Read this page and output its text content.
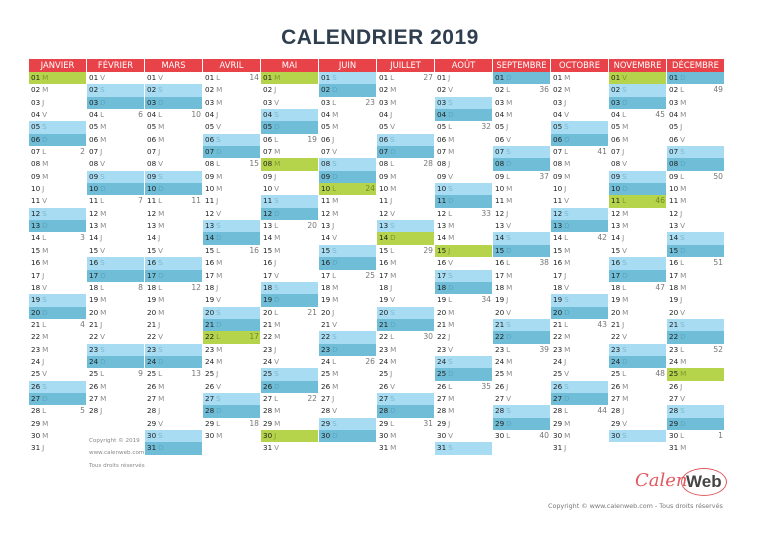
CALENDRIER 2019
JANVIER
01 M
02 M
03 J
04 V
05 S
06 D
07 L	2
08 M
09 M
10 J
11 V
12 S
13 D
14 L	3
15 M
16 M
17 J
18 V
19 S
20 D
21 L	4
22 M
23 M
24 J
25 V
26 S
27 D
28 L	5
29 M
30 M
31 J
FÉVRIER
01 V
02 S
03 D
04 L	6
05 M
06 M
07 J
08 V
09 S
10 D
11 L	7
12 M
13 M
14 J
15 V
16 S
17 D
18 L	8
19 M
20 M
21 J
22 V
23 S
24 D
25 L	9
26 M
27 M
28 J
MARS
01 V
02 S
03 D
04 L	10
05 M
06 M
07 J
08 V
09 S
10 D
11 L	11
12 M
13 M
14 J
15 V
16 S
17 D
18 L	12
19 M
20 M
21 J
22 V
23 S
24 D
25 L	13
26 M
27 M
28 J
29 V
30 S
31 D
AVRIL
01 L	14
02 M
03 M
04 J
05 V
06 S
07 D
08 L	15
09 M
10 M
11 J
12 V
13 S
14 D
15 L	16
16 M
17 M
18 J
19 V
20 S
21 D
22 L	17
23 M
24 M
25 J
26 V
27 S
28 D
29 L	18
30 M
MAI
01 M
02 J
03 V
04 S
05 D
06 L	19
07 M
08 M
09 J
10 V
11 S
12 D
13 L	20
14 M
15 M
16 J
17 V
18 S
19 D
20 L	21
21 M
22 M
23 J
24 V
25 S
26 D
27 L	22
28 M
29 M
30 J
31 V
JUIN
01 S
02 D
03 L	23
04 M
05 M
06 J
07 V
08 S
09 D
10 L	24
11 M
12 M
13 J
14 V
15 S
16 D
17 L	25
18 M
19 M
20 J
21 V
22 S
23 D
24 L	26
25 M
26 M
27 J
28 V
29 S
30 D
JUILLET
01 L	27
02 M
03 M
04 J
05 V
06 S
07 D
08 L	28
09 M
10 M
11 J
12 V
13 S
14 D
15 L	29
16 M
17 M
18 J
19 V
20 S
21 D
22 L	30
23 M
24 M
25 J
26 V
27 S
28 D
29 L	31
30 M
31 M
AOÛT
01 J
02 V
03 S
04 D
05 L	32
06 M
07 M
08 J
09 V
10 S
11 D
12 L	33
13 M
14 M
15 J
16 V
17 S
18 D
19 L	34
20 M
21 M
22 J
23 V
24 S
25 D
26 L	35
27 M
28 M
29 J
30 V
31 S
SEPTEMBRE
01 D
02 L	36
03 M
04 M
05 J
06 V
07 S
08 D
09 L	37
10 M
11 M
12 J
13 V
14 S
15 D
16 L	38
17 M
18 M
19 J
20 V
21 S
22 D
23 L	39
24 M
25 M
26 J
27 V
28 S
29 D
30 L	40
OCTOBRE
01 M
02 M
03 J
04 V
05 S
06 D
07 L	41
08 M
09 M
10 J
11 V
12 S
13 D
14 L	42
15 M
16 M
17 J
18 V
19 S
20 D
21 L	43
22 M
23 M
24 J
25 V
26 S
27 D
28 L	44
29 M
30 M
31 J
NOVEMBRE
01 V
02 S
03 D
04 L	45
05 M
06 M
07 J
08 V
09 S
10 D
11 L	46
12 M
13 M
14 J
15 V
16 S
17 D
18 L	47
19 M
20 M
21 J
22 V
23 S
24 D
25 L	48
26 M
27 M
28 J
29 V
30 S
DÉCEMBRE
01 D
02 L	49
03 M
04 M
05 J
06 V
07 S
08 D
09 L	50
10 M
11 M
12 J
13 V
14 S
15 D
16 L	51
17 M
18 M
19 J
20 V
21 S
22 D
23 L	52
24 M
25 M
26 J
27 V
28 S
29 D
30 L	1
31 M
Copyright © 2019
www.calenweb.com
Tous droits réservés
Calen
Web
Copyright © www.calenweb.com - Tous droits réservés
